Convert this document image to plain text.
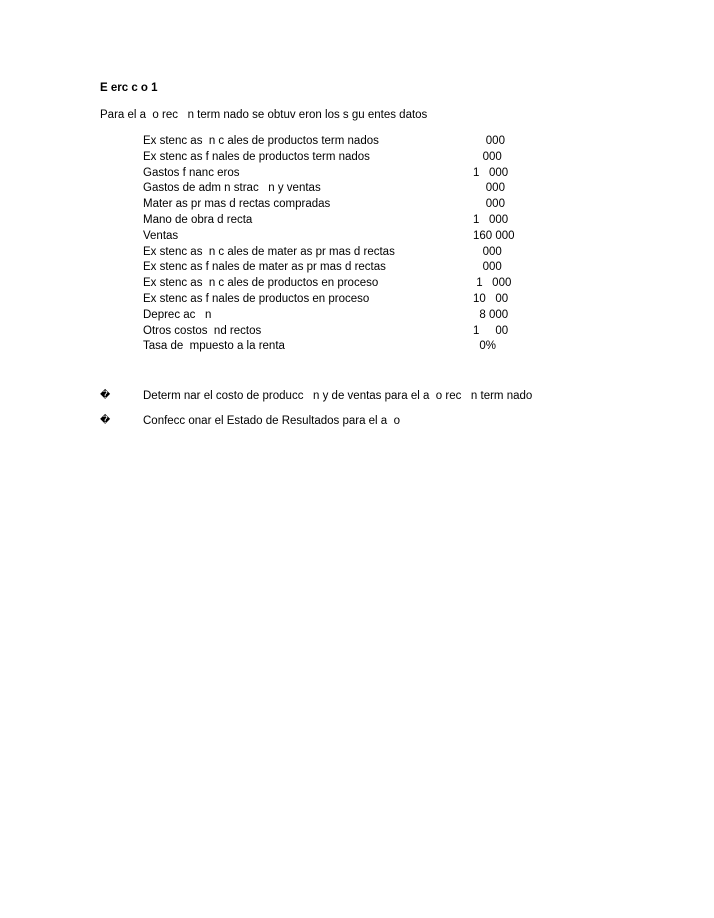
E erc c o 1
Para el a  o rec   n term nado se obtuv eron los s gu entes datos
Ex stenc as  n c ales de productos term nados	000
Ex stenc as f nales de productos term nados	000
Gastos f nanc eros	1   000
Gastos de adm n strac   n y ventas	000
Mater as pr mas d rectas compradas	000
Mano de obra d recta	1   000
Ventas	160 000
Ex stenc as  n c ales de mater as pr mas d rectas	000
Ex stenc as f nales de mater as pr mas d rectas	000
Ex stenc as  n c ales de productos en proceso	1   000
Ex stenc as f nales de productos en proceso	10   00
Deprec ac   n	8 000
Otros costos  nd rectos	1     00
Tasa de  mpuesto a la renta	0%

�

	Determ nar el costo de producc   n y de ventas para el a  o rec   n term nado

�

	Confecc onar el Estado de Resultados para el a  o
